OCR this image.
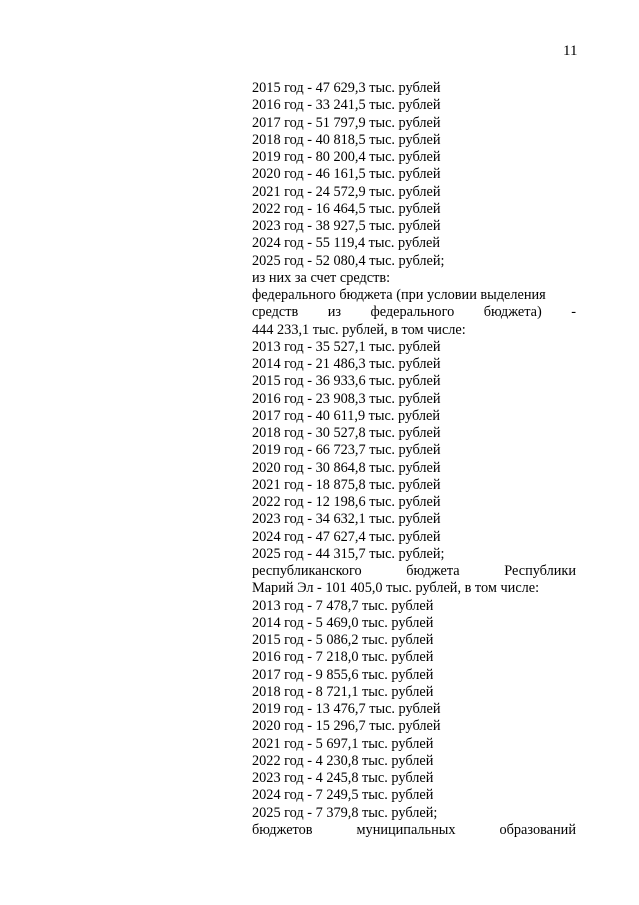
11
2015 год - 47 629,3 тыс. рублей
2016 год - 33 241,5 тыс. рублей
2017 год - 51 797,9 тыс. рублей
2018 год - 40 818,5 тыс. рублей
2019 год - 80 200,4 тыс. рублей
2020 год - 46 161,5 тыс. рублей
2021 год - 24 572,9 тыс. рублей
2022 год - 16 464,5 тыс. рублей
2023 год - 38 927,5 тыс. рублей
2024 год - 55 119,4 тыс. рублей
2025 год - 52 080,4 тыс. рублей;
из них за счет средств:
федерального бюджета (при условии выделения
средств из федерального бюджета) -
444 233,1 тыс. рублей, в том числе:
2013 год - 35 527,1 тыс. рублей
2014 год - 21 486,3 тыс. рублей
2015 год - 36 933,6 тыс. рублей
2016 год - 23 908,3 тыс. рублей
2017 год - 40 611,9 тыс. рублей
2018 год - 30 527,8 тыс. рублей
2019 год - 66 723,7 тыс. рублей
2020 год - 30 864,8 тыс. рублей
2021 год - 18 875,8 тыс. рублей
2022 год - 12 198,6 тыс. рублей
2023 год - 34 632,1 тыс. рублей
2024 год - 47 627,4 тыс. рублей
2025 год - 44 315,7 тыс. рублей;
республиканского	бюджета	Республики
Марий Эл - 101 405,0 тыс. рублей, в том числе:
2013 год - 7 478,7 тыс. рублей
2014 год - 5 469,0 тыс. рублей
2015 год - 5 086,2 тыс. рублей
2016 год - 7 218,0 тыс. рублей
2017 год - 9 855,6 тыс. рублей
2018 год - 8 721,1 тыс. рублей
2019 год - 13 476,7 тыс. рублей
2020 год - 15 296,7 тыс. рублей
2021 год - 5 697,1 тыс. рублей
2022 год - 4 230,8 тыс. рублей
2023 год - 4 245,8 тыс. рублей
2024 год - 7 249,5 тыс. рублей
2025 год - 7 379,8 тыс. рублей;
бюджетов	муниципальных	образований
